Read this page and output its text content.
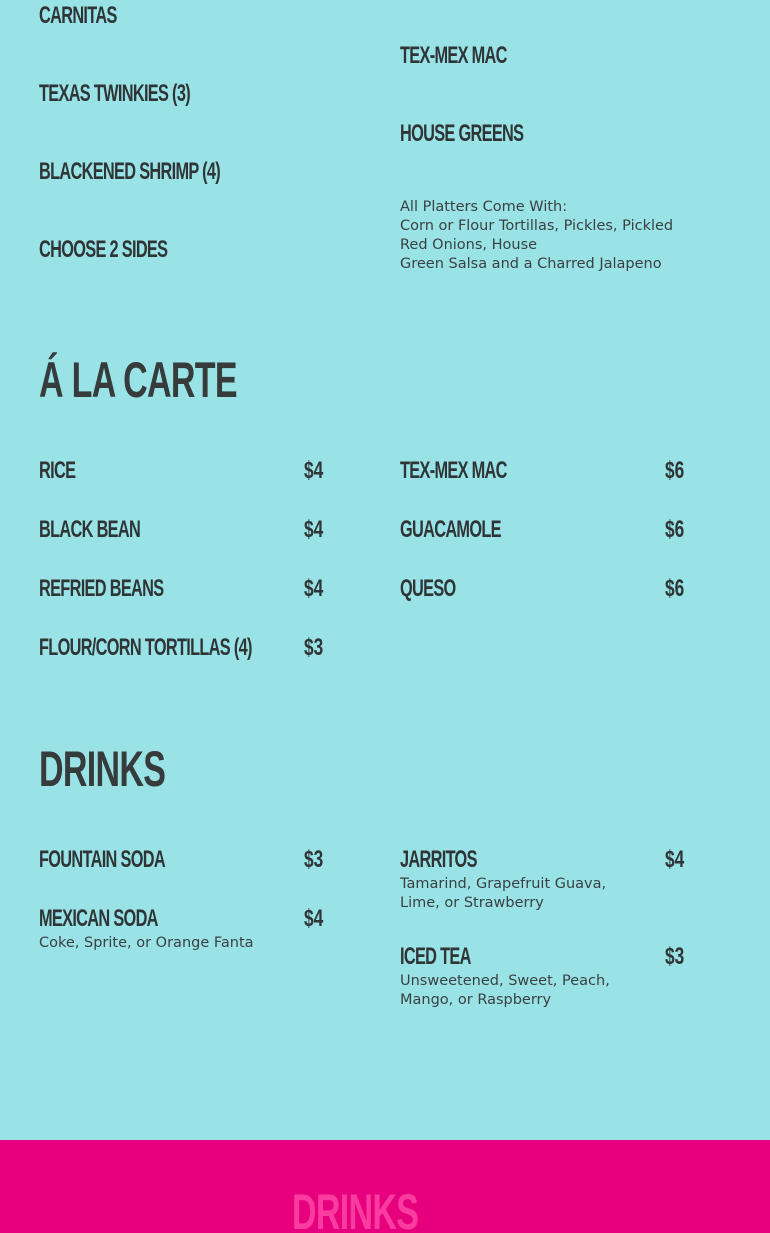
CARNITAS
TEXAS TWINKIES (3)
BLACKENED SHRIMP (4)
CHOOSE 2 SIDES
TEX-MEX MAC
HOUSE GREENS
All Platters Come With:
Corn or Flour Tortillas, Pickles, Pickled
Red Onions, House
Green Salsa and a Charred Jalapeno
Á LA CARTE
RICE	$4
BLACK BEAN	$4
REFRIED BEANS	$4
FLOUR/CORN TORTILLAS (4)	$3
TEX-MEX MAC	$6
GUACAMOLE	$6
QUESO	$6
DRINKS
FOUNTAIN SODA	$3
MEXICAN SODA	$4
Coke, Sprite, or Orange Fanta
JARRITOS	$4
Tamarind, Grapefruit Guava,
Lime, or Strawberry
ICED TEA	$3
Unsweetened, Sweet, Peach,
Mango, or Raspberry
DRINKS
